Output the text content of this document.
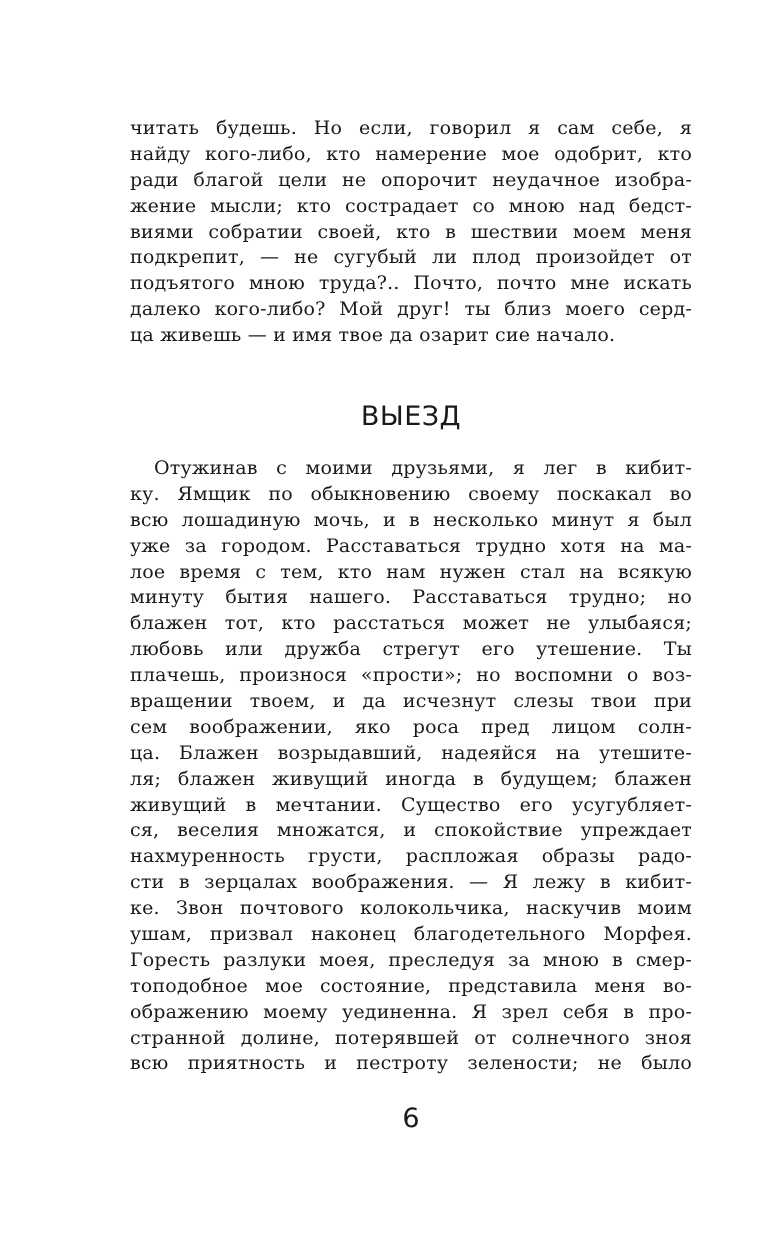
читать будешь. Но если, говорил я сам себе, я
найду кого-либо, кто намерение мое одобрит, кто
ради благой цели не опорочит неудачное изобра-
жение мысли; кто сострадает со мною над бедст-
виями собратии своей, кто в шествии моем меня
подкрепит, — не сугубый ли плод произойдет от
подъятого мною труда?.. Почто, почто мне искать
далеко кого-либо? Мой друг! ты близ моего серд-
ца живешь — и имя твое да озарит сие начало.
ВЫЕЗД
Отужинав с моими друзьями, я лег в кибит-
ку. Ямщик по обыкновению своему поскакал во
всю лошадиную мочь, и в несколько минут я был
уже за городом. Расставаться трудно хотя на ма-
лое время с тем, кто нам нужен стал на всякую
минуту бытия нашего. Расставаться трудно; но
блажен тот, кто расстаться может не улыбаяся;
любовь или дружба стрегут его утешение. Ты
плачешь, произнося «прости»; но воспомни о воз-
вращении твоем, и да исчезнут слезы твои при
сем воображении, яко роса пред лицом солн-
ца. Блажен возрыдавший, надеяйся на утешите-
ля; блажен живущий иногда в будущем; блажен
живущий в мечтании. Существо его усугубляет-
ся, веселия множатся, и спокойствие упреждает
нахмуренность грусти, распложая образы радо-
сти в зерцалах воображения. — Я лежу в кибит-
ке. Звон почтового колокольчика, наскучив моим
ушам, призвал наконец благодетельного Морфея.
Горесть разлуки моея, преследуя за мною в смер-
топодобное мое состояние, представила меня во-
ображению моему уединенна. Я зрел себя в про-
странной долине, потерявшей от солнечного зноя
всю приятность и пестроту зелености; не было
6
